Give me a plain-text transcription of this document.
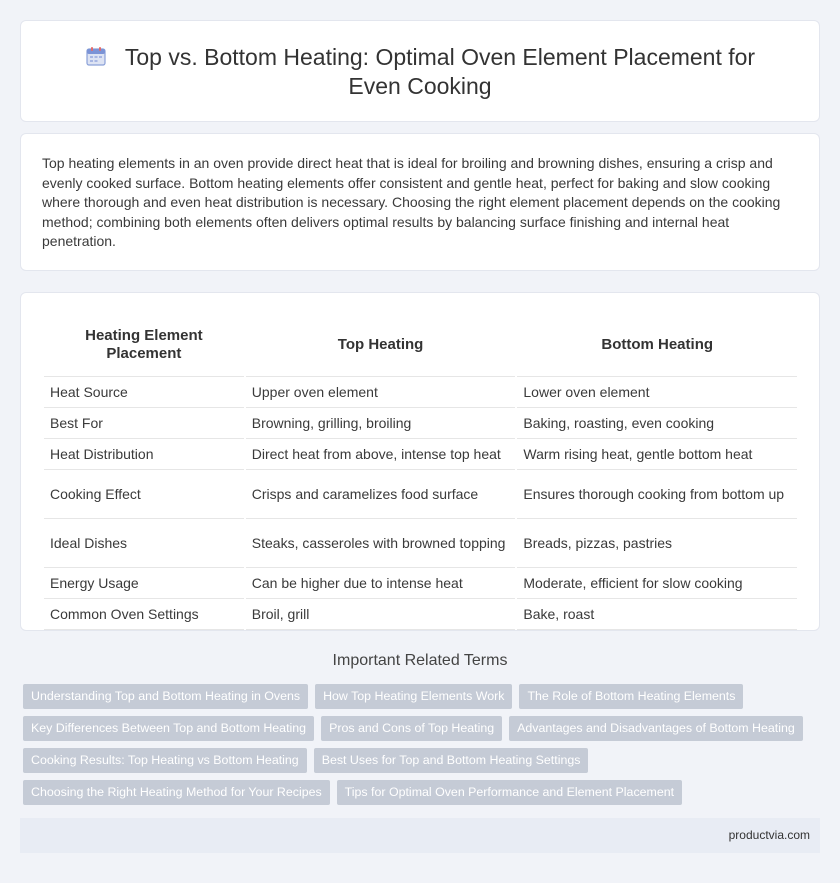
Top vs. Bottom Heating: Optimal Oven Element Placement for Even Cooking

Top heating elements in an oven provide direct heat that is ideal for broiling and browning dishes, ensuring a crisp and evenly cooked surface. Bottom heating elements offer consistent and gentle heat, perfect for baking and slow cooking where thorough and even heat distribution is necessary. Choosing the right element placement depends on the cooking method; combining both elements often delivers optimal results by balancing surface finishing and internal heat penetration.

Heating Element Placement	Top Heating	Bottom Heating
Heat Source	Upper oven element	Lower oven element
Best For	Browning, grilling, broiling	Baking, roasting, even cooking
Heat Distribution	Direct heat from above, intense top heat	Warm rising heat, gentle bottom heat
Cooking Effect	Crisps and caramelizes food surface	Ensures thorough cooking from bottom up
Ideal Dishes	Steaks, casseroles with browned topping	Breads, pizzas, pastries
Energy Usage	Can be higher due to intense heat	Moderate, efficient for slow cooking
Common Oven Settings	Broil, grill	Bake, roast
Important Related Terms
Understanding Top and Bottom Heating in Ovens How Top Heating Elements Work The Role of Bottom Heating Elements
Key Differences Between Top and Bottom Heating Pros and Cons of Top Heating Advantages and Disadvantages of Bottom Heating
Cooking Results: Top Heating vs Bottom Heating Best Uses for Top and Bottom Heating Settings
Choosing the Right Heating Method for Your Recipes Tips for Optimal Oven Performance and Element Placement
productvia.com
